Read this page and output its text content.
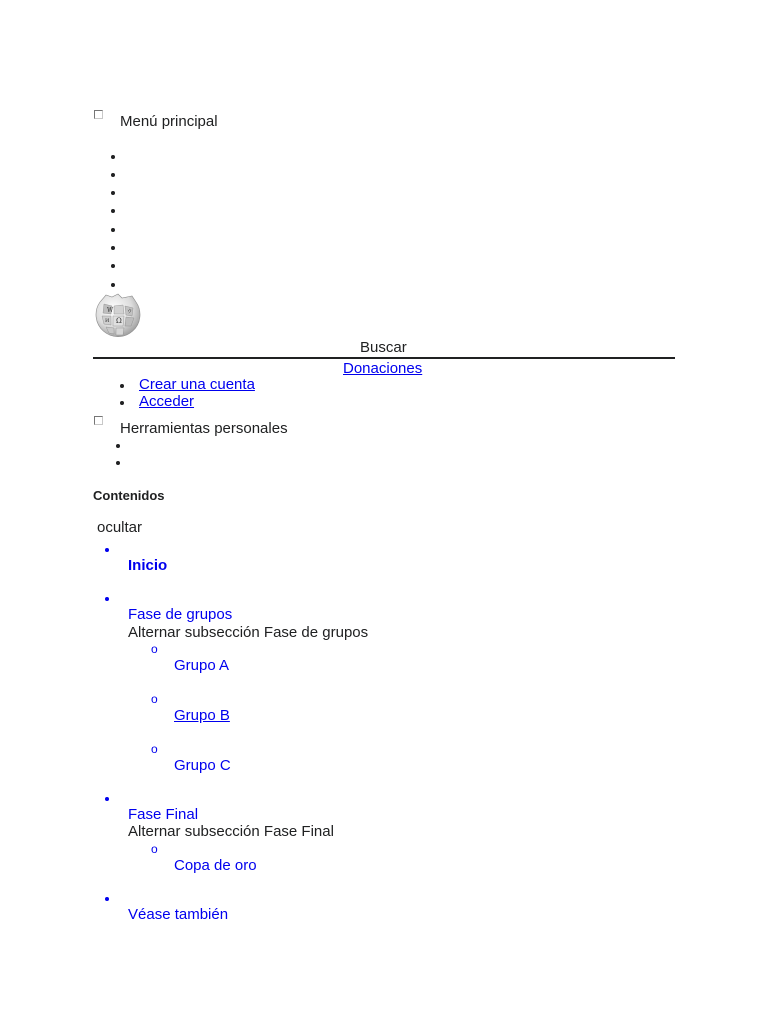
Menú principal
W
Ω
И
ウ
Buscar
Donaciones
Crear una cuenta
Acceder
Herramientas personales
Contenidos
ocultar
Inicio
Fase de grupos
Alternar subsección Fase de grupos
o
Grupo A
o
Grupo B
o
Grupo C
Fase Final
Alternar subsección Fase Final
o
Copa de oro
Véase también
